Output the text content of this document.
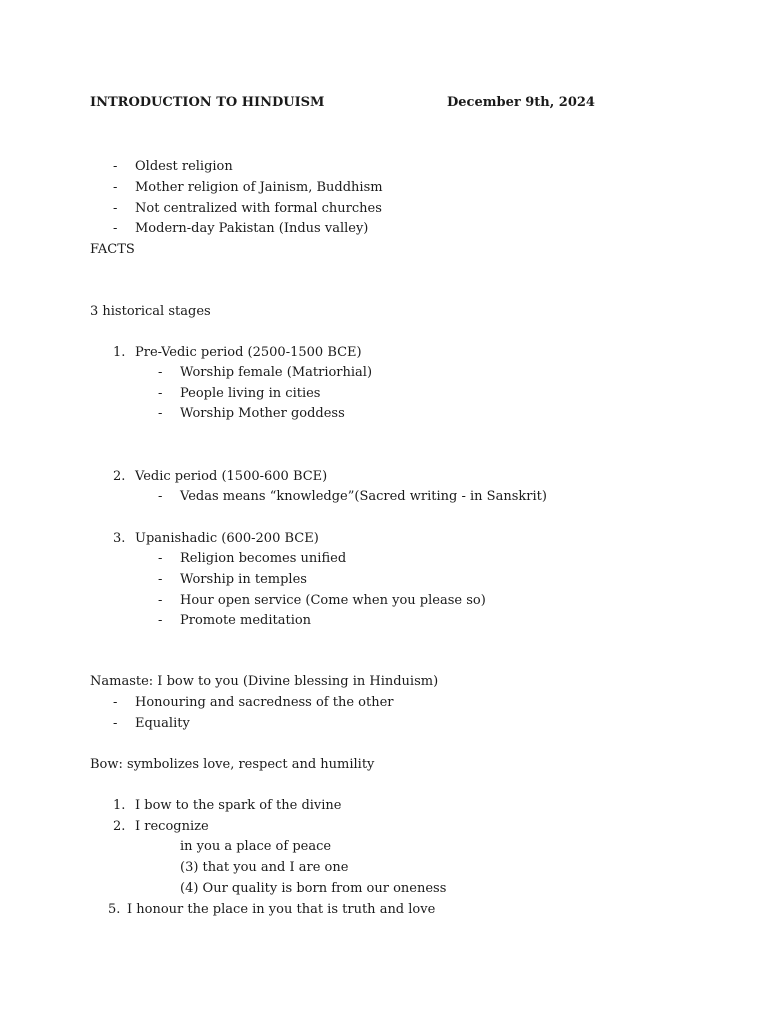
INTRODUCTION TO HINDUISM	December 9th, 2024
- Oldest religion
- Mother religion of Jainism, Buddhism
- Not centralized with formal churches
- Modern-day Pakistan (Indus valley)
FACTS
3 historical stages
1. Pre-Vedic period (2500-1500 BCE)
- Worship female (Matriorhial)
- People living in cities
- Worship Mother goddess
2. Vedic period (1500-600 BCE)
- Vedas means “knowledge”(Sacred writing - in Sanskrit)
3. Upanishadic (600-200 BCE)
- Religion becomes unified
- Worship in temples
- Hour open service (Come when you please so)
- Promote meditation
Namaste: I bow to you (Divine blessing in Hinduism)
- Honouring and sacredness of the other
- Equality
Bow: symbolizes love, respect and humility
1. I bow to the spark of the divine
2. I recognize
in you a place of peace
(3) that you and I are one
(4) Our quality is born from our oneness
5. I honour the place in you that is truth and love
